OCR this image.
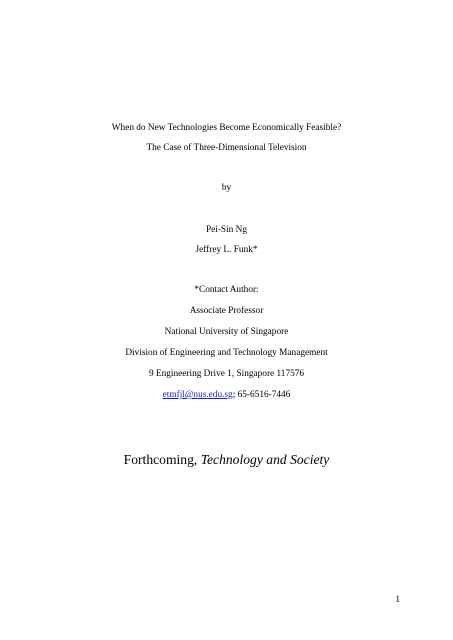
When do New Technologies Become Economically Feasible?
The Case of Three-Dimensional Television
by
Pei-Sin Ng
Jeffrey L. Funk*
*Contact Author:
Associate Professor
National University of Singapore
Division of Engineering and Technology Management
9 Engineering Drive 1, Singapore 117576
etmfjl@nus.edu.sg; 65-6516-7446
Forthcoming, Technology and Society
1
